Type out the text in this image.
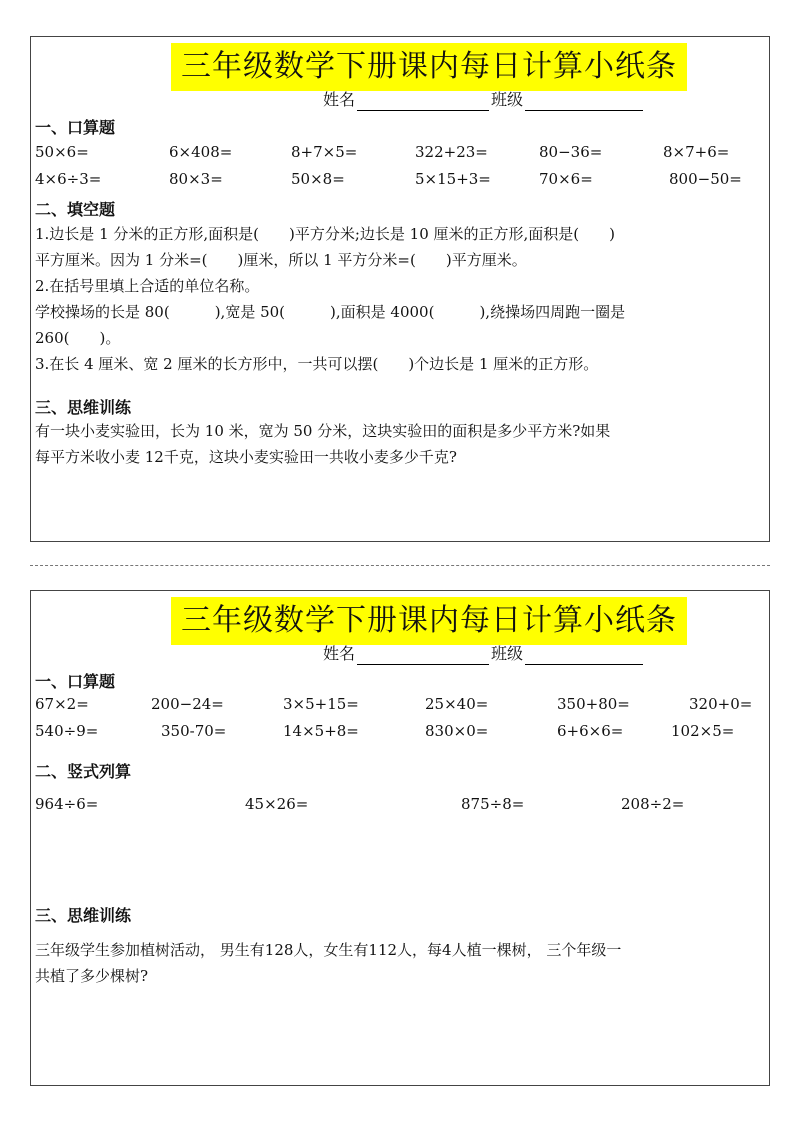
三年级数学下册课内每日计算小纸条
姓名	班级
一、口算题
50×6=	6×408=	8+7×5=	322+23=	80−36=	8×7+6=
4×6÷3=	80×3=	50×8=	5×15+3=	70×6=	800−50=
二、填空题
1.边长是 1 分米的正方形,面积是(　　)平方分米;边长是 10 厘米的正方形,面积是(　　)
平方厘米。因为 1 分米=(　　)厘米，所以 1 平方分米=(　　)平方厘米。
2.在括号里填上合适的单位名称。
学校操场的长是 80(　　　),宽是 50(　　　),面积是 4000(　　　),绕操场四周跑一圈是
260(　　)。
3.在长 4 厘米、宽 2 厘米的长方形中，一共可以摆(　　)个边长是 1 厘米的正方形。
三、思维训练
有一块小麦实验田，长为 10 米，宽为 50 分米，这块实验田的面积是多少平方米?如果
每平方米收小麦 12千克，这块小麦实验田一共收小麦多少千克?
三年级数学下册课内每日计算小纸条
姓名	班级
一、口算题
67×2=	200−24=	3×5+15=	25×40=	350+80=	320+0=
540÷9=	350-70=	14×5+8=	830×0=	6+6×6=	102×5=
二、竖式列算
964÷6=	45×26=	875÷8=	208÷2=
三、思维训练
三年级学生参加植树活动， 男生有128人，女生有112人，每4人植一棵树， 三个年级一
共植了多少棵树?
